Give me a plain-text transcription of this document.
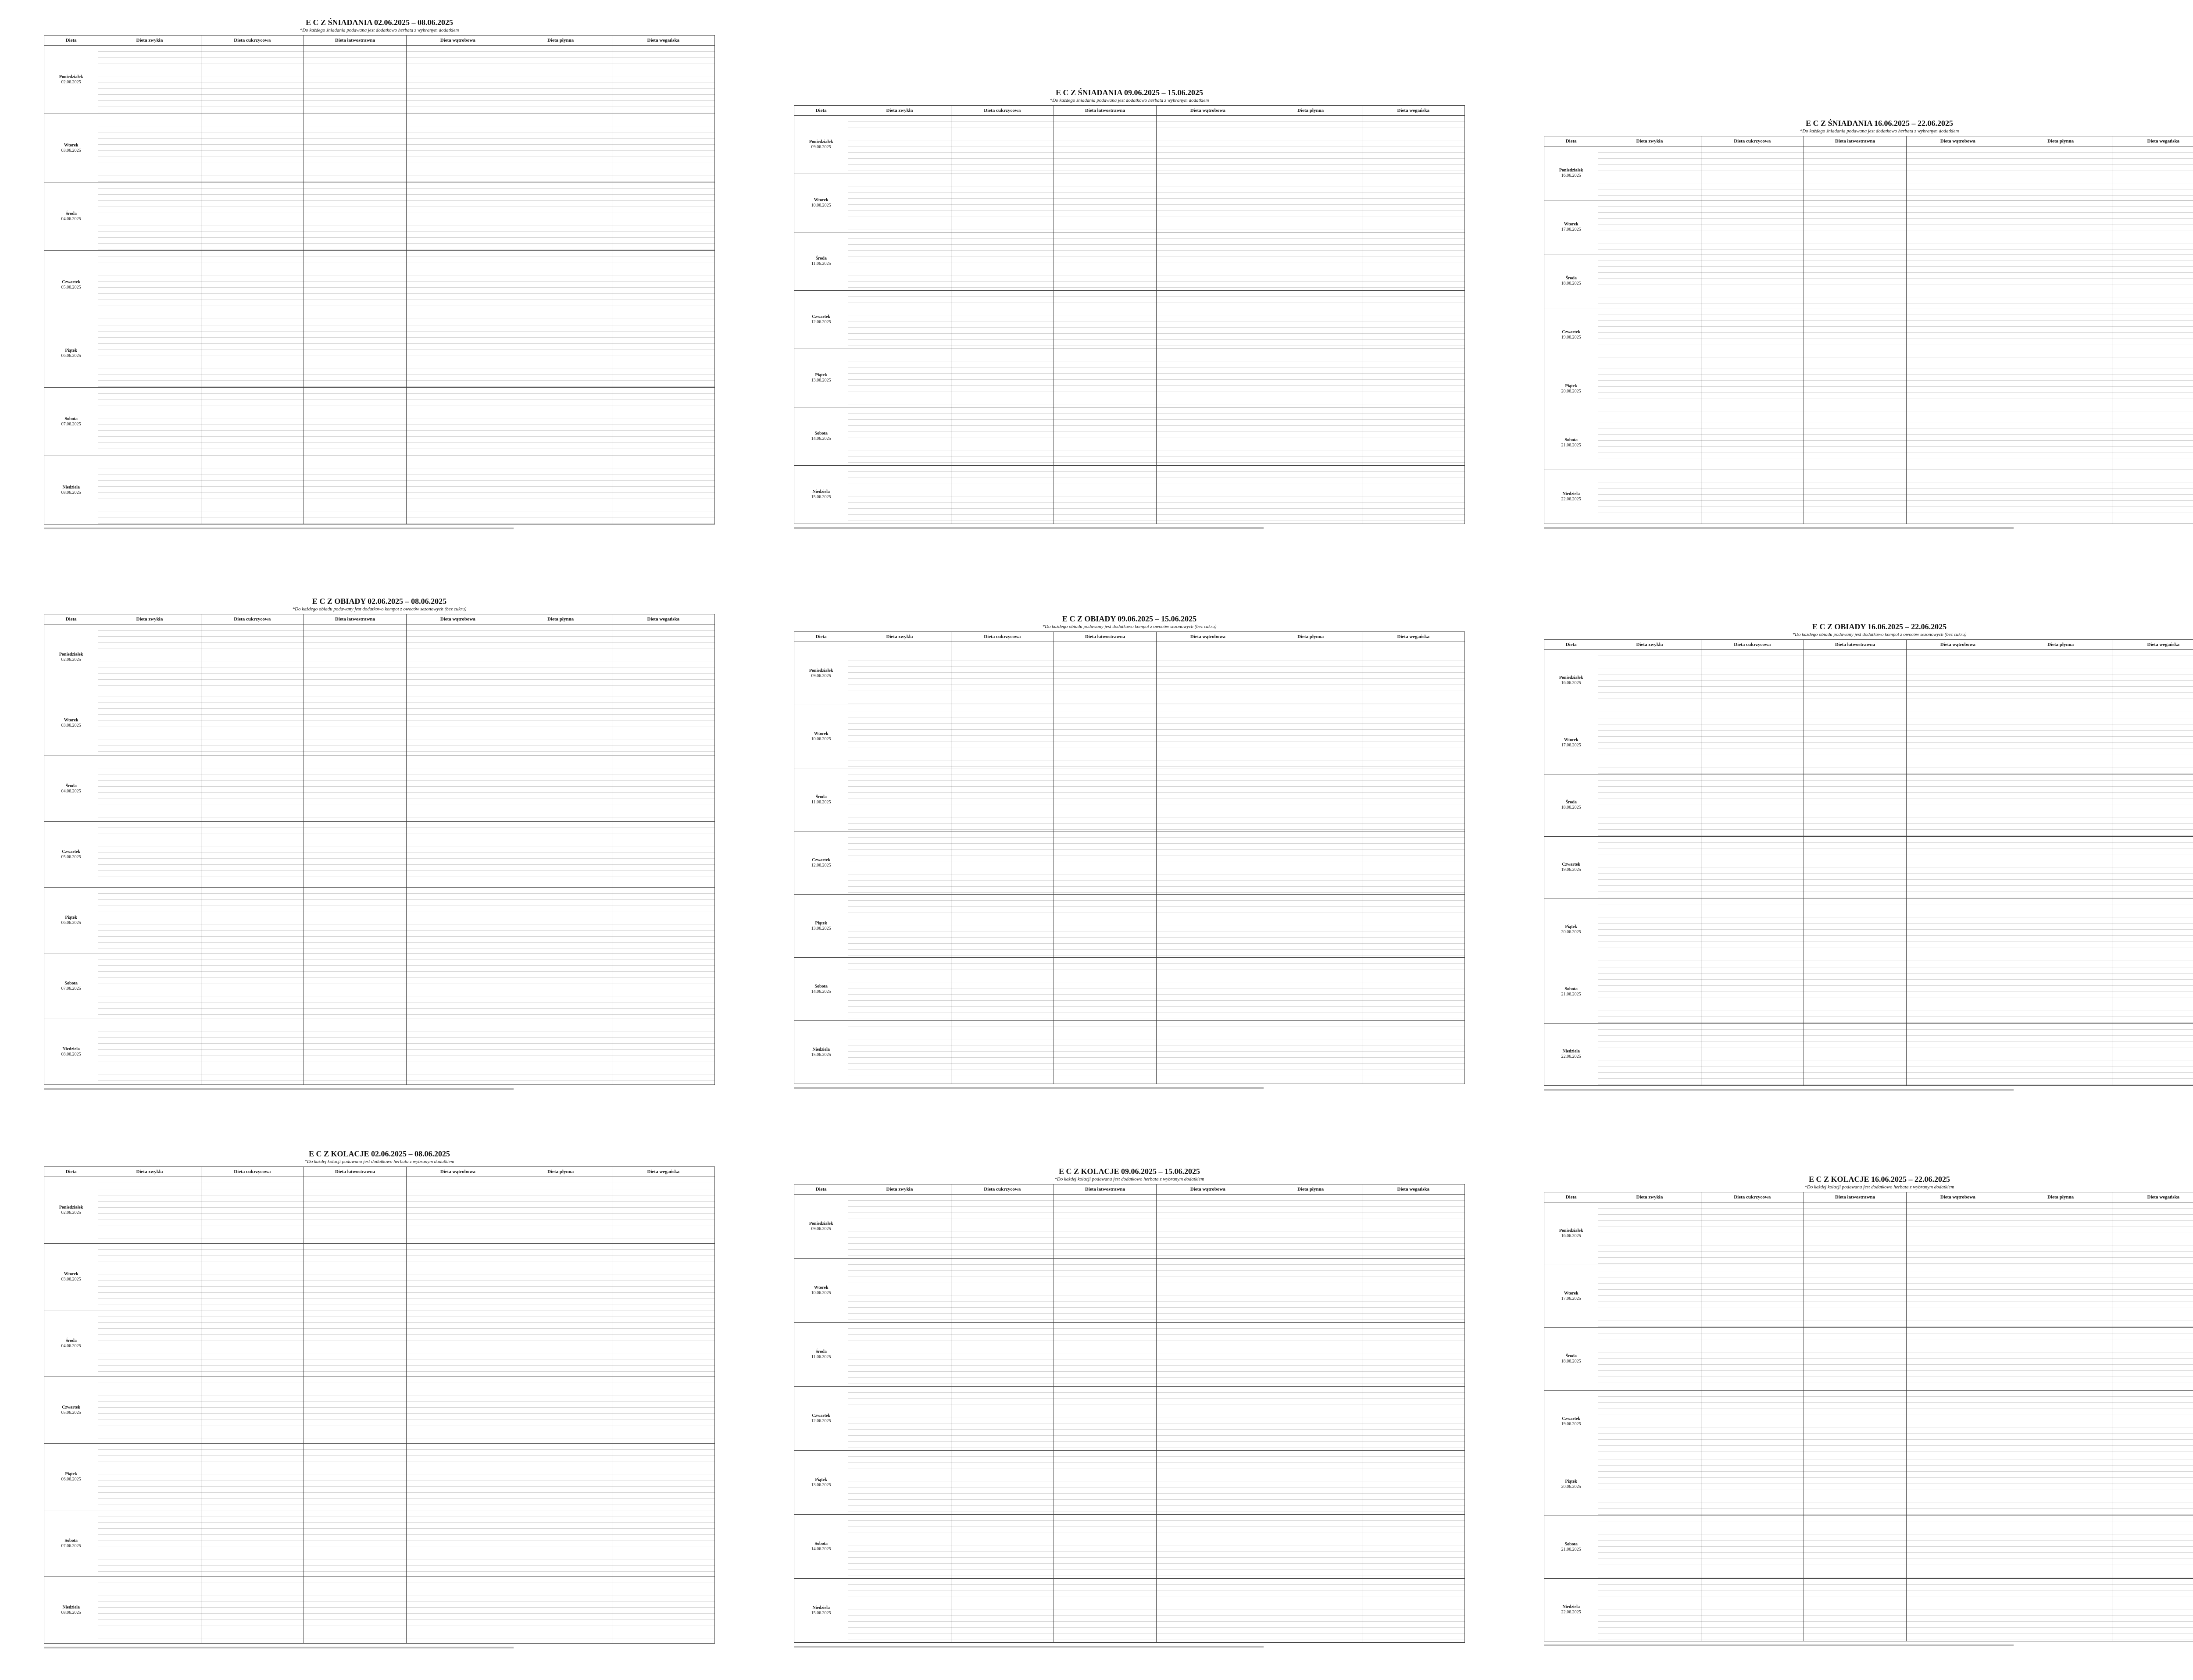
E C Z ŚNIADANIA 02.06.2025 – 08.06.2025
*Do każdego śniadania podawana jest dodatkowo herbata z wybranym dodatkiem
Dieta	Dieta zwykła	Dieta cukrzycowa	Dieta łatwostrawna	Dieta wątrobowa	Dieta płynna	Dieta wegańska
Poniedziałek
02.06.2025						

Wtorek
03.06.2025						

Środa
04.06.2025						

Czwartek
05.06.2025						

Piątek
06.06.2025						

Sobota
07.06.2025						

Niedziela
08.06.2025						

E C Z ŚNIADANIA 09.06.2025 – 15.06.2025
*Do każdego śniadania podawana jest dodatkowo herbata z wybranym dodatkiem
Dieta	Dieta zwykła	Dieta cukrzycowa	Dieta łatwostrawna	Dieta wątrobowa	Dieta płynna	Dieta wegańska
Poniedziałek
09.06.2025						

Wtorek
10.06.2025						

Środa
11.06.2025						

Czwartek
12.06.2025						

Piątek
13.06.2025						

Sobota
14.06.2025						

Niedziela
15.06.2025						

E C Z ŚNIADANIA 16.06.2025 – 22.06.2025
*Do każdego śniadania podawana jest dodatkowo herbata z wybranym dodatkiem
Dieta	Dieta zwykła	Dieta cukrzycowa	Dieta łatwostrawna	Dieta wątrobowa	Dieta płynna	Dieta wegańska
Poniedziałek
16.06.2025						

Wtorek
17.06.2025						

Środa
18.06.2025						

Czwartek
19.06.2025						

Piątek
20.06.2025						

Sobota
21.06.2025						

Niedziela
22.06.2025						

E C Z OBIADY 02.06.2025 – 08.06.2025
*Do każdego obiadu podawany jest dodatkowo kompot z owoców sezonowych (bez cukru)
Dieta	Dieta zwykła	Dieta cukrzycowa	Dieta łatwostrawna	Dieta wątrobowa	Dieta płynna	Dieta wegańska
Poniedziałek
02.06.2025						

Wtorek
03.06.2025						

Środa
04.06.2025						

Czwartek
05.06.2025						

Piątek
06.06.2025						

Sobota
07.06.2025						

Niedziela
08.06.2025						

E C Z OBIADY 09.06.2025 – 15.06.2025
*Do każdego obiadu podawany jest dodatkowo kompot z owoców sezonowych (bez cukru)
Dieta	Dieta zwykła	Dieta cukrzycowa	Dieta łatwostrawna	Dieta wątrobowa	Dieta płynna	Dieta wegańska
Poniedziałek
09.06.2025						

Wtorek
10.06.2025						

Środa
11.06.2025						

Czwartek
12.06.2025						

Piątek
13.06.2025						

Sobota
14.06.2025						

Niedziela
15.06.2025						

E C Z OBIADY 16.06.2025 – 22.06.2025
*Do każdego obiadu podawany jest dodatkowo kompot z owoców sezonowych (bez cukru)
Dieta	Dieta zwykła	Dieta cukrzycowa	Dieta łatwostrawna	Dieta wątrobowa	Dieta płynna	Dieta wegańska
Poniedziałek
16.06.2025						

Wtorek
17.06.2025						

Środa
18.06.2025						

Czwartek
19.06.2025						

Piątek
20.06.2025						

Sobota
21.06.2025						

Niedziela
22.06.2025						

E C Z KOLACJE 02.06.2025 – 08.06.2025
*Do każdej kolacji podawana jest dodatkowo herbata z wybranym dodatkiem
Dieta	Dieta zwykła	Dieta cukrzycowa	Dieta łatwostrawna	Dieta wątrobowa	Dieta płynna	Dieta wegańska
Poniedziałek
02.06.2025						

Wtorek
03.06.2025						

Środa
04.06.2025						

Czwartek
05.06.2025						

Piątek
06.06.2025						

Sobota
07.06.2025						

Niedziela
08.06.2025						

E C Z KOLACJE 09.06.2025 – 15.06.2025
*Do każdej kolacji podawana jest dodatkowo herbata z wybranym dodatkiem
Dieta	Dieta zwykła	Dieta cukrzycowa	Dieta łatwostrawna	Dieta wątrobowa	Dieta płynna	Dieta wegańska
Poniedziałek
09.06.2025						

Wtorek
10.06.2025						

Środa
11.06.2025						

Czwartek
12.06.2025						

Piątek
13.06.2025						

Sobota
14.06.2025						

Niedziela
15.06.2025						

E C Z KOLACJE 16.06.2025 – 22.06.2025
*Do każdej kolacji podawana jest dodatkowo herbata z wybranym dodatkiem
Dieta	Dieta zwykła	Dieta cukrzycowa	Dieta łatwostrawna	Dieta wątrobowa	Dieta płynna	Dieta wegańska
Poniedziałek
16.06.2025						

Wtorek
17.06.2025						

Środa
18.06.2025						

Czwartek
19.06.2025						

Piątek
20.06.2025						

Sobota
21.06.2025						

Niedziela
22.06.2025						
